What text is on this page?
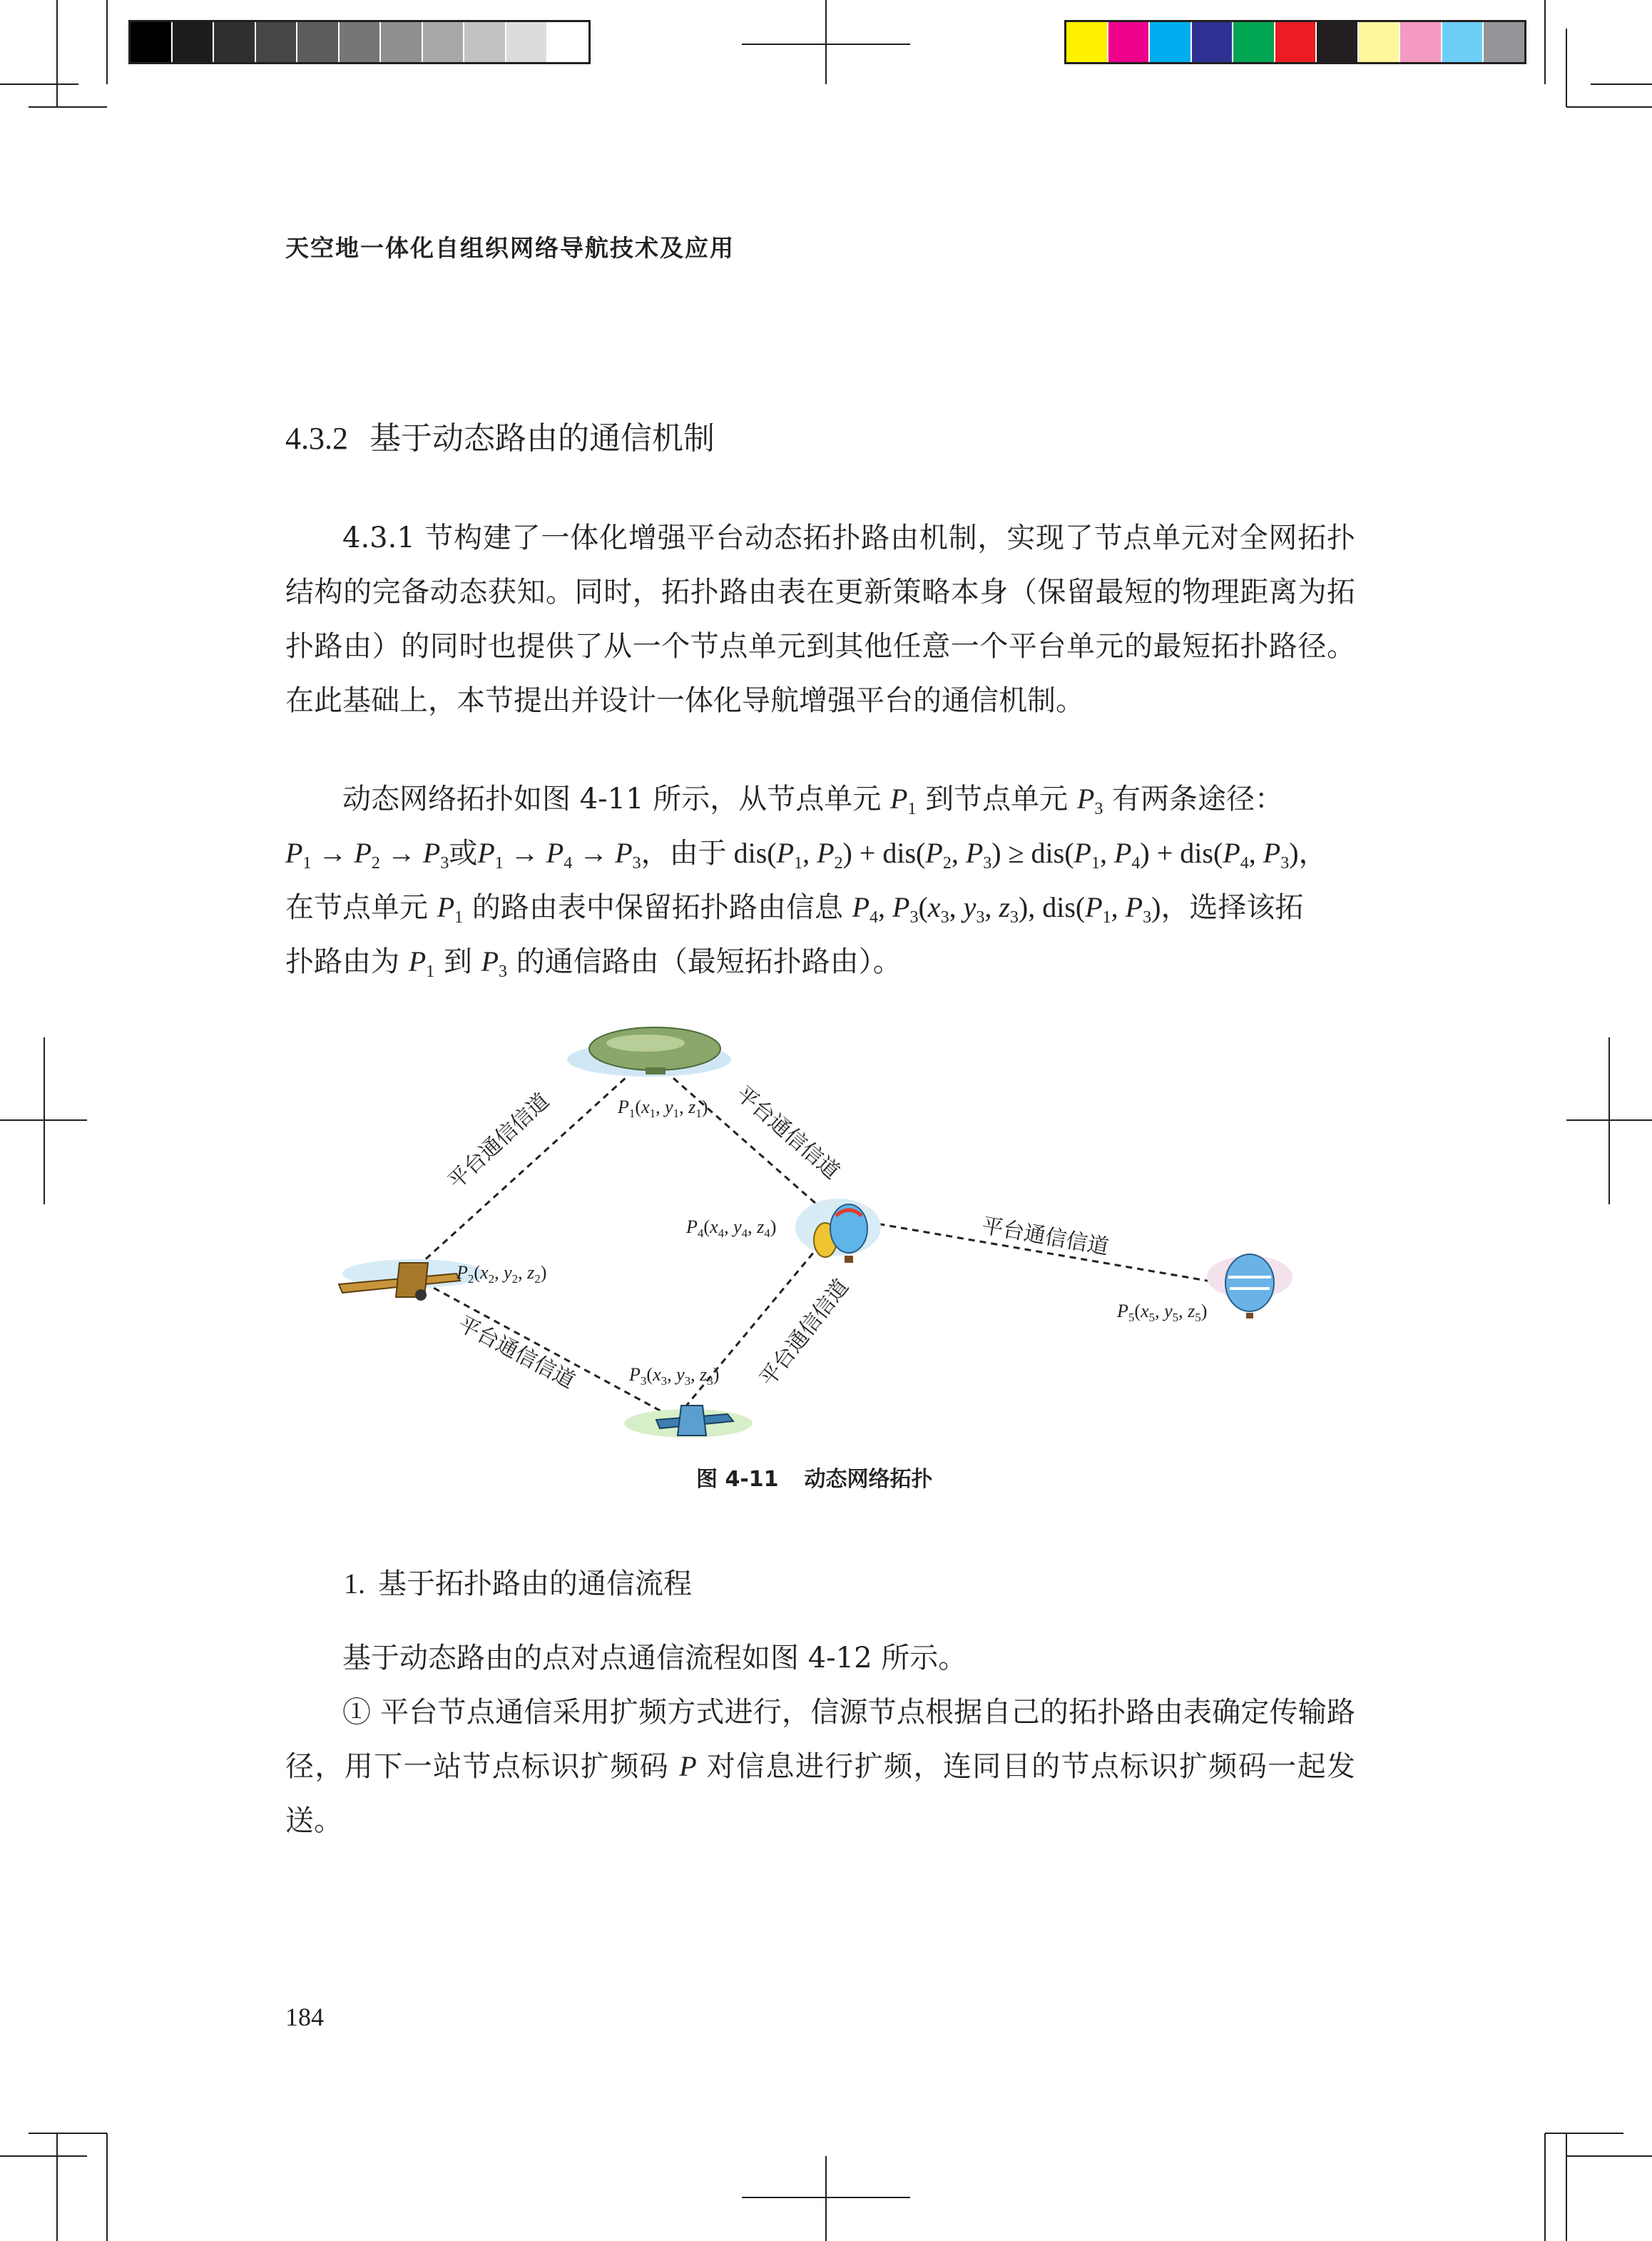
天空地一体化自组织网络导航技术及应用
4.3.2 基于动态路由的通信机制

4.3.1 节构建了一体化增强平台动态拓扑路由机制，实现了节点单元对全网拓扑结构的完备动态获知。同时，拓扑路由表在更新策略本身（保留最短的物理距离为拓扑路由）的同时也提供了从一个节点单元到其他任意一个平台单元的最短拓扑路径。在此基础上，本节提出并设计一体化导航增强平台的通信机制。

动态网络拓扑如图 4-11 所示，从节点单元 $P_1$ 到节点单元 $P_3$ 有两条途径：
$P_1 \to P_2 \to P_3$或$P_1 \to P_4 \to P_3$，由于 $dis(P_1$, $P_2) + dis(P_2$, $P_3) \ge dis(P_1$, $P_4) + dis(P_4$, $P_3$)，
在节点单元 $P_1$ 的路由表中保留拓扑路由信息 $P_4$, $P_3(x_3$, $y_3$, $z_3$), $dis(P_1$, $P_3$)，选择该拓
扑路由为 $P_1$ 到 $P_3$ 的通信路由（最短拓扑路由）。
平台通信信道	平台通信信道
平台通信信道	平台通信信道
平台通信信道
$P_1(x_1$, $y_1$, $z_1$)
$P_2(x_2$, $y_2$, $z_2$)
$P_3(x_3$, $y_3$, $z_3$)
$P_4(x_4$, $y_4$, $z_4$)
$P_5(x_5$, $y_5$, $z_5$)
图 4-11 动态网络拓扑
1. 基于拓扑路由的通信流程

基于动态路由的点对点通信流程如图 4-12 所示。

① 平台节点通信采用扩频方式进行，信源节点根据自己的拓扑路由表确定传输路径，用下一站节点标识扩频码 P 对信息进行扩频，连同目的节点标识扩频码一起发送。

184
